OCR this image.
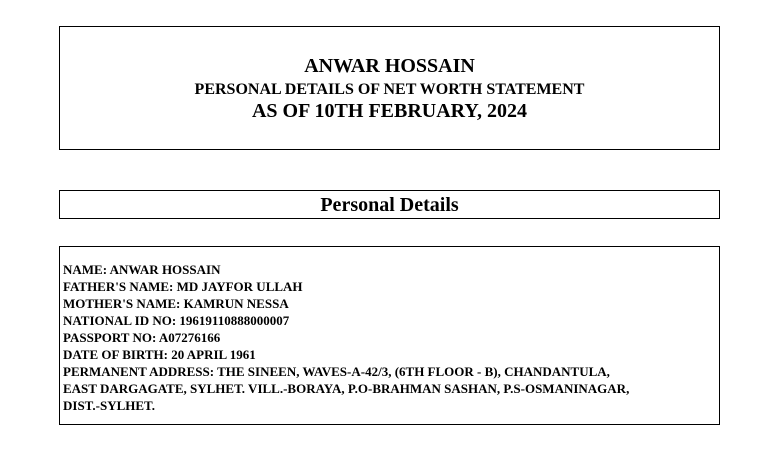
ANWAR HOSSAIN
PERSONAL DETAILS OF NET WORTH STATEMENT
AS OF 10TH FEBRUARY, 2024
Personal Details
NAME: ANWAR HOSSAIN
FATHER'S NAME: MD JAYFOR ULLAH
MOTHER'S NAME: KAMRUN NESSA
NATIONAL ID NO: 19619110888000007
PASSPORT NO: A07276166
DATE OF BIRTH: 20 APRIL 1961
PERMANENT ADDRESS: THE SINEEN, WAVES-A-42/3, (6TH FLOOR - B), CHANDANTULA,
EAST DARGAGATE, SYLHET. VILL.-BORAYA, P.O-BRAHMAN SASHAN, P.S-OSMANINAGAR,
DIST.-SYLHET.
